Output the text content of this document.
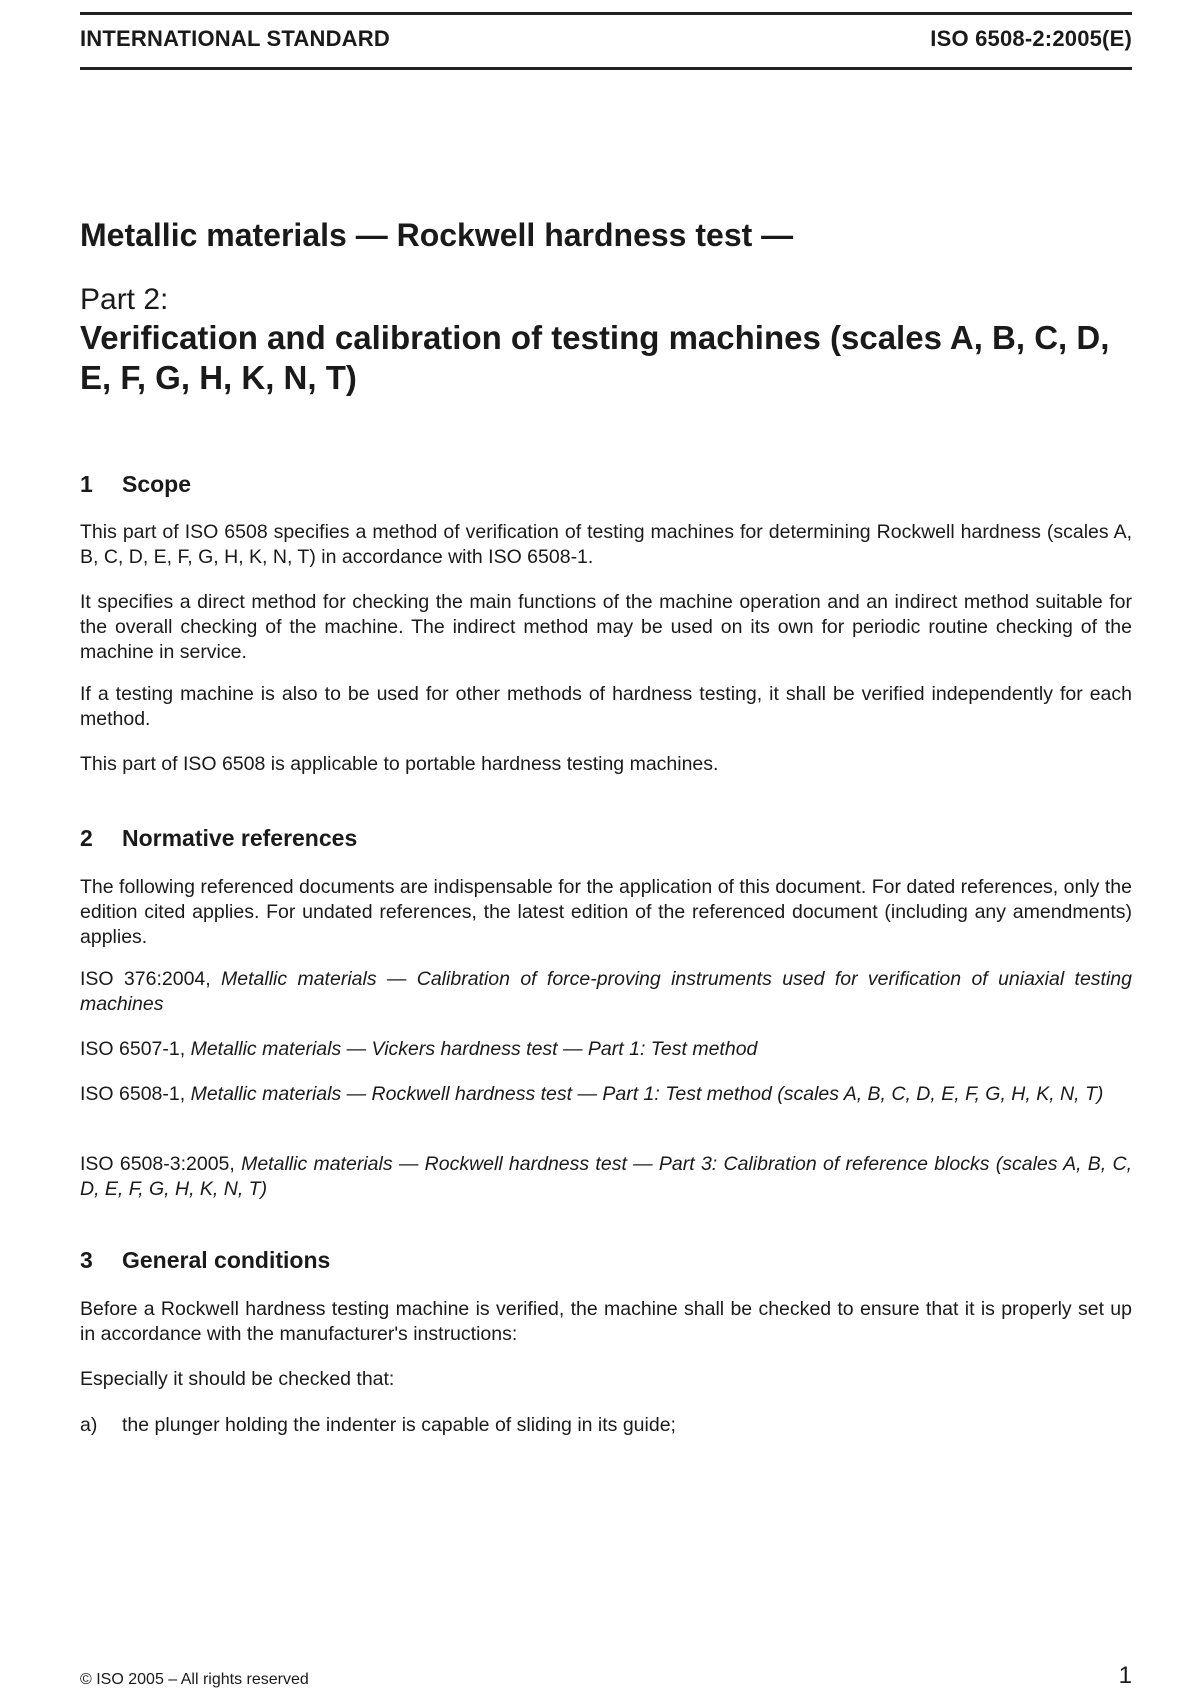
INTERNATIONAL STANDARD	ISO 6508-2:2005(E)
Metallic materials — Rockwell hardness test —
Part 2:
Verification and calibration of testing machines (scales A, B, C, D, E, F, G, H, K, N, T)
1 Scope
This part of ISO 6508 specifies a method of verification of testing machines for determining Rockwell hardness (scales A, B, C, D, E, F, G, H, K, N, T) in accordance with ISO 6508-1.
It specifies a direct method for checking the main functions of the machine operation and an indirect method suitable for the overall checking of the machine. The indirect method may be used on its own for periodic routine checking of the machine in service.
If a testing machine is also to be used for other methods of hardness testing, it shall be verified independently for each method.
This part of ISO 6508 is applicable to portable hardness testing machines.
2 Normative references
The following referenced documents are indispensable for the application of this document. For dated references, only the edition cited applies. For undated references, the latest edition of the referenced document (including any amendments) applies.
ISO 376:2004, Metallic materials — Calibration of force-proving instruments used for verification of uniaxial testing machines
ISO 6507-1, Metallic materials — Vickers hardness test — Part 1: Test method
ISO 6508-1, Metallic materials — Rockwell hardness test — Part 1: Test method (scales A, B, C, D, E, F, G, H, K, N, T)
ISO 6508-3:2005, Metallic materials — Rockwell hardness test — Part 3: Calibration of reference blocks (scales A, B, C, D, E, F, G, H, K, N, T)
3 General conditions
Before a Rockwell hardness testing machine is verified, the machine shall be checked to ensure that it is properly set up in accordance with the manufacturer's instructions:
Especially it should be checked that:
a)	the plunger holding the indenter is capable of sliding in its guide;
© ISO 2005 – All rights reserved	1
